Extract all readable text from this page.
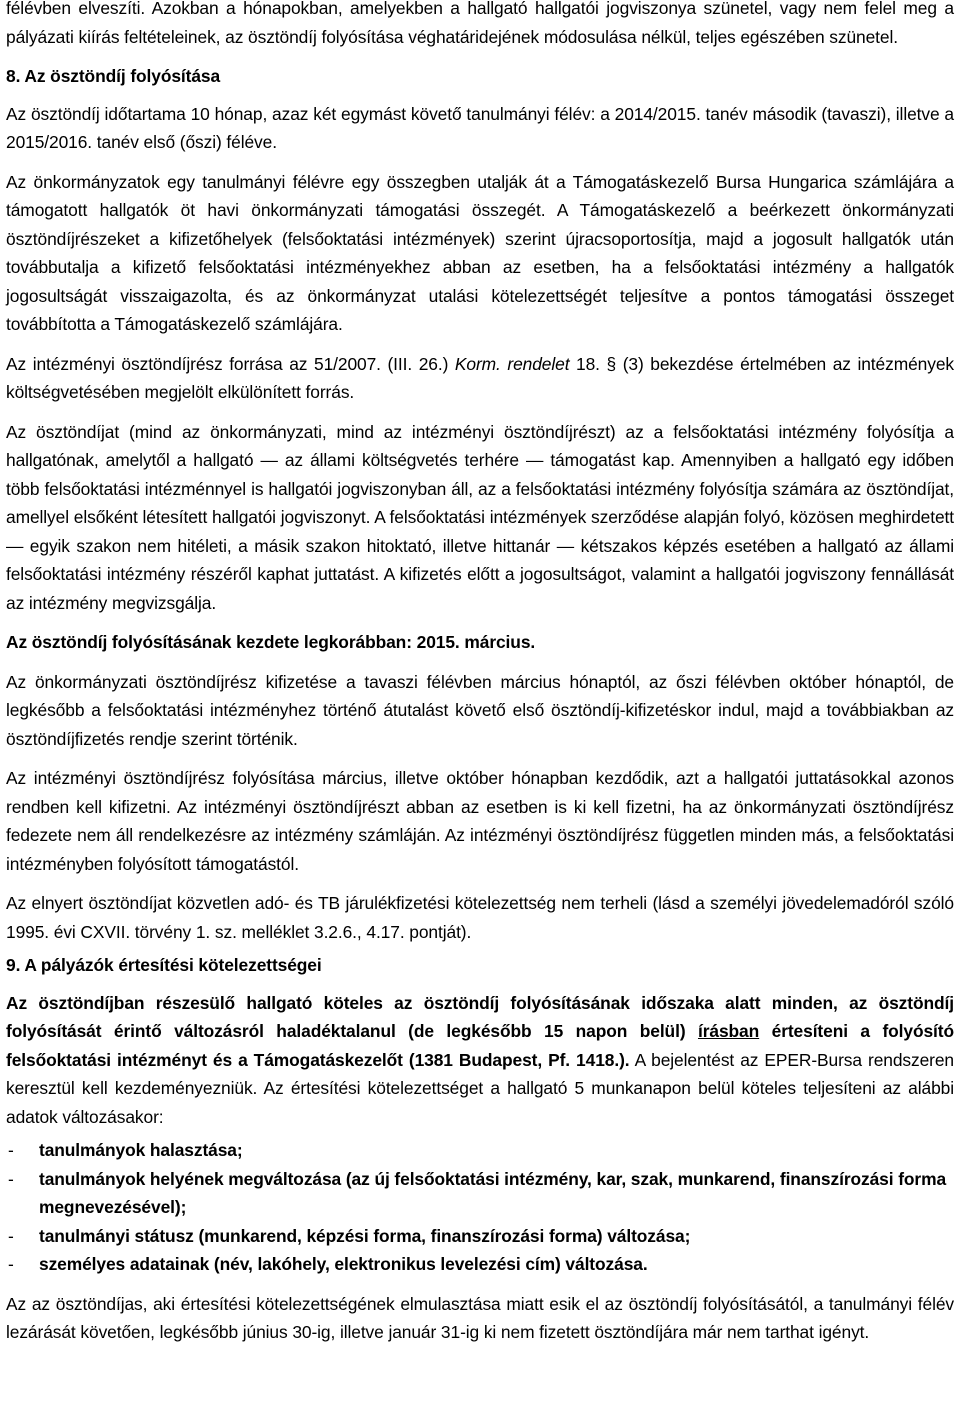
félévben elveszíti. Azokban a hónapokban, amelyekben a hallgató hallgatói jogviszonya szünetel, vagy nem felel meg a pályázati kiírás feltételeinek, az ösztöndíj folyósítása véghatáridejének módosulása nélkül, teljes egészében szünetel.

8. Az ösztöndíj folyósítása

Az ösztöndíj időtartama 10 hónap, azaz két egymást követő tanulmányi félév: a 2014/2015. tanév második (tavaszi), illetve a 2015/2016. tanév első (őszi) féléve.

Az önkormányzatok egy tanulmányi félévre egy összegben utalják át a Támogatáskezelő Bursa Hungarica számlájára a támogatott hallgatók öt havi önkormányzati támogatási összegét. A Támogatáskezelő a beérkezett önkormányzati ösztöndíjrészeket a kifizetőhelyek (felsőoktatási intézmények) szerint újracsoportosítja, majd a jogosult hallgatók után továbbutalja a kifizető felsőoktatási intézményekhez abban az esetben, ha a felsőoktatási intézmény a hallgatók jogosultságát visszaigazolta, és az önkormányzat utalási kötelezettségét teljesítve a pontos támogatási összeget továbbította a Támogatáskezelő számlájára.

Az intézményi ösztöndíjrész forrása az 51/2007. (III. 26.) Korm. rendelet 18. § (3) bekezdése értelmében az intézmények költségvetésében megjelölt elkülönített forrás.

Az ösztöndíjat (mind az önkormányzati, mind az intézményi ösztöndíjrészt) az a felsőoktatási intézmény folyósítja a hallgatónak, amelytől a hallgató — az állami költségvetés terhére — támogatást kap. Amennyiben a hallgató egy időben több felsőoktatási intézménnyel is hallgatói jogviszonyban áll, az a felsőoktatási intézmény folyósítja számára az ösztöndíjat, amellyel elsőként létesített hallgatói jogviszonyt. A felsőoktatási intézmények szerződése alapján folyó, közösen meghirdetett — egyik szakon nem hitéleti, a másik szakon hitoktató, illetve hittanár — kétszakos képzés esetében a hallgató az állami felsőoktatási intézmény részéről kaphat juttatást. A kifizetés előtt a jogosultságot, valamint a hallgatói jogviszony fennállását az intézmény megvizsgálja.

Az ösztöndíj folyósításának kezdete legkorábban: 2015. március.

Az önkormányzati ösztöndíjrész kifizetése a tavaszi félévben március hónaptól, az őszi félévben október hónaptól, de legkésőbb a felsőoktatási intézményhez történő átutalást követő első ösztöndíj-kifizetéskor indul, majd a továbbiakban az ösztöndíjfizetés rendje szerint történik.

Az intézményi ösztöndíjrész folyósítása március, illetve október hónapban kezdődik, azt a hallgatói juttatásokkal azonos rendben kell kifizetni. Az intézményi ösztöndíjrészt abban az esetben is ki kell fizetni, ha az önkormányzati ösztöndíjrész fedezete nem áll rendelkezésre az intézmény számláján. Az intézményi ösztöndíjrész független minden más, a felsőoktatási intézményben folyósított támogatástól.

Az elnyert ösztöndíjat közvetlen adó- és TB járulékfizetési kötelezettség nem terheli (lásd a személyi jövedelemadóról szóló 1995. évi CXVII. törvény 1. sz. melléklet 3.2.6., 4.17. pontját).

9. A pályázók értesítési kötelezettségei

Az ösztöndíjban részesülő hallgató köteles az ösztöndíj folyósításának időszaka alatt minden, az ösztöndíj folyósítását érintő változásról haladéktalanul (de legkésőbb 15 napon belül) írásban értesíteni a folyósító felsőoktatási intézményt és a Támogatáskezelőt (1381 Budapest, Pf. 1418.). A bejelentést az EPER-Bursa rendszeren keresztül kell kezdeményezniük. Az értesítési kötelezettséget a hallgató 5 munkanapon belül köteles teljesíteni az alábbi adatok változásakor:

- tanulmányok halasztása;
- tanulmányok helyének megváltozása (az új felsőoktatási intézmény, kar, szak, munkarend, finanszírozási forma megnevezésével);
- tanulmányi státusz (munkarend, képzési forma, finanszírozási forma) változása;
- személyes adatainak (név, lakóhely, elektronikus levelezési cím) változása.

Az az ösztöndíjas, aki értesítési kötelezettségének elmulasztása miatt esik el az ösztöndíj folyósításától, a tanulmányi félév lezárását követően, legkésőbb június 30-ig, illetve január 31-ig ki nem fizetett ösztöndíjára már nem tarthat igényt.
